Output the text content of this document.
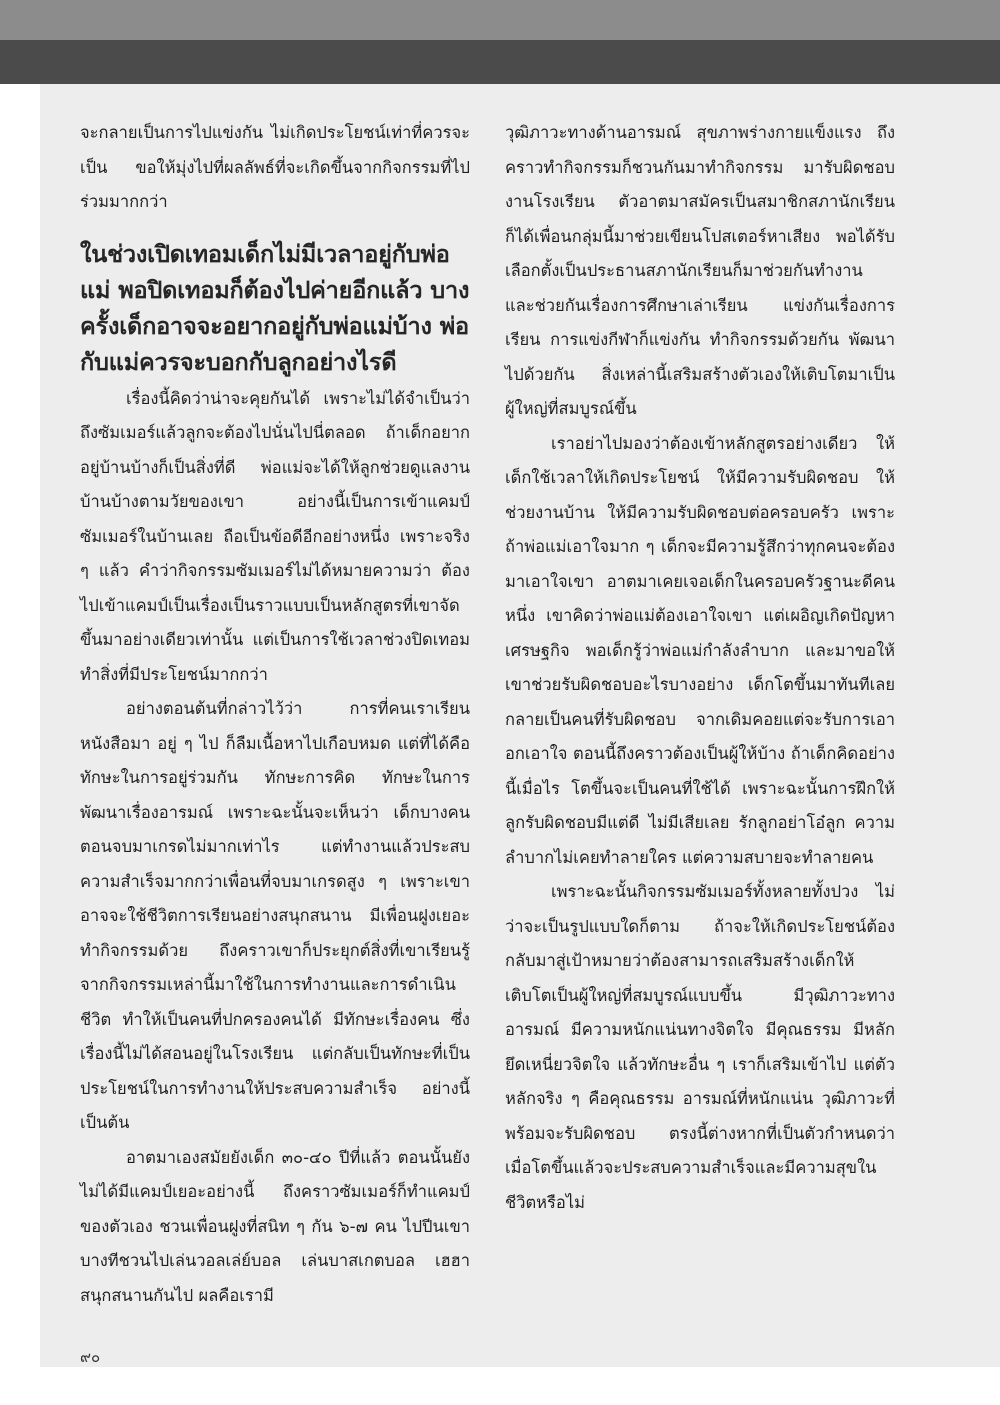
จะกลายเป็นการไปแข่งกัน ไม่เกิดประโยชน์เท่าที่ควรจะเป็น ขอให้มุ่งไปที่ผลลัพธ์ที่จะเกิดขึ้นจากกิจกรรมที่ไปร่วมมากกว่า

ในช่วงเปิดเทอมเด็กไม่มีเวลาอยู่กับพ่อแม่ พอปิดเทอมก็ต้องไปค่ายอีกแล้ว บางครั้งเด็กอาจจะอยากอยู่กับพ่อแม่บ้าง พ่อกับแม่ควรจะบอกกับลูกอย่างไรดี

เรื่องนี้คิดว่าน่าจะคุยกันได้ เพราะไม่ได้จำเป็นว่าถึงซัมเมอร์แล้วลูกจะต้องไปนั่นไปนี่ตลอด ถ้าเด็กอยากอยู่บ้านบ้างก็เป็นสิ่งที่ดี พ่อแม่จะได้ให้ลูกช่วยดูแลงานบ้านบ้างตามวัยของเขา อย่างนี้เป็นการเข้าแคมป์ซัมเมอร์ในบ้านเลย ถือเป็นข้อดีอีกอย่างหนึ่ง เพราะจริง ๆ แล้ว คำว่ากิจกรรมซัมเมอร์ไม่ได้หมายความว่า ต้องไปเข้าแคมป์เป็นเรื่องเป็นราวแบบเป็นหลักสูตรที่เขาจัดขึ้นมาอย่างเดียวเท่านั้น แต่เป็นการใช้เวลาช่วงปิดเทอมทำสิ่งที่มีประโยชน์มากกว่า

อย่างตอนต้นที่กล่าวไว้ว่า การที่คนเราเรียนหนังสือมา อยู่ ๆ ไป ก็ลืมเนื้อหาไปเกือบหมด แต่ที่ได้คือทักษะในการอยู่ร่วมกัน ทักษะการคิด ทักษะในการพัฒนาเรื่องอารมณ์ เพราะฉะนั้นจะเห็นว่า เด็กบางคนตอนจบมาเกรดไม่มากเท่าไร แต่ทำงานแล้วประสบความสำเร็จมากกว่าเพื่อนที่จบมาเกรดสูง ๆ เพราะเขาอาจจะใช้ชีวิตการเรียนอย่างสนุกสนาน มีเพื่อนฝูงเยอะ ทำกิจกรรมด้วย ถึงคราวเขาก็ประยุกต์สิ่งที่เขาเรียนรู้จากกิจกรรมเหล่านี้มาใช้ในการทำงานและการดำเนินชีวิต ทำให้เป็นคนที่ปกครองคนได้ มีทักษะเรื่องคน ซึ่งเรื่องนี้ไม่ได้สอนอยู่ในโรงเรียน แต่กลับเป็นทักษะที่เป็นประโยชน์ในการทำงานให้ประสบความสำเร็จ อย่างนี้เป็นต้น

อาตมาเองสมัยยังเด็ก ๓๐-๔๐ ปีที่แล้ว ตอนนั้นยังไม่ได้มีแคมป์เยอะอย่างนี้ ถึงคราวซัมเมอร์ก็ทำแคมป์ของตัวเอง ชวนเพื่อนฝูงที่สนิท ๆ กัน ๖-๗ คน ไปปีนเขา บางทีชวนไปเล่นวอลเล่ย์บอล เล่นบาสเกตบอล เฮฮาสนุกสนานกันไป ผลคือเรามี

วุฒิภาวะทางด้านอารมณ์ สุขภาพร่างกายแข็งแรง ถึงคราวทำกิจกรรมก็ชวนกันมาทำกิจกรรม มารับผิดชอบงานโรงเรียน ตัวอาตมาสมัครเป็นสมาชิกสภานักเรียน ก็ได้เพื่อนกลุ่มนี้มาช่วยเขียนโปสเตอร์หาเสียง พอได้รับเลือกตั้งเป็นประธานสภานักเรียนก็มาช่วยกันทำงาน และช่วยกันเรื่องการศึกษาเล่าเรียน แข่งกันเรื่องการเรียน การแข่งกีฬาก็แข่งกัน ทำกิจกรรมด้วยกัน พัฒนาไปด้วยกัน สิ่งเหล่านี้เสริมสร้างตัวเองให้เติบโตมาเป็นผู้ใหญ่ที่สมบูรณ์ขึ้น

เราอย่าไปมองว่าต้องเข้าหลักสูตรอย่างเดียว ให้เด็กใช้เวลาให้เกิดประโยชน์ ให้มีความรับผิดชอบ ให้ช่วยงานบ้าน ให้มีความรับผิดชอบต่อครอบครัว เพราะถ้าพ่อแม่เอาใจมาก ๆ เด็กจะมีความรู้สึกว่าทุกคนจะต้องมาเอาใจเขา อาตมาเคยเจอเด็กในครอบครัวฐานะดีคนหนึ่ง เขาคิดว่าพ่อแม่ต้องเอาใจเขา แต่เผอิญเกิดปัญหาเศรษฐกิจ พอเด็กรู้ว่าพ่อแม่กำลังลำบาก และมาขอให้เขาช่วยรับผิดชอบอะไรบางอย่าง เด็กโตขึ้นมาทันทีเลย กลายเป็นคนที่รับผิดชอบ จากเดิมคอยแต่จะรับการเอาอกเอาใจ ตอนนี้ถึงคราวต้องเป็นผู้ให้บ้าง ถ้าเด็กคิดอย่างนี้เมื่อไร โตขึ้นจะเป็นคนที่ใช้ได้ เพราะฉะนั้นการฝึกให้ลูกรับผิดชอบมีแต่ดี ไม่มีเสียเลย รักลูกอย่าโอ๋ลูก ความลำบากไม่เคยทำลายใคร แต่ความสบายจะทำลายคน

เพราะฉะนั้นกิจกรรมซัมเมอร์ทั้งหลายทั้งปวง ไม่ว่าจะเป็นรูปแบบใดก็ตาม ถ้าจะให้เกิดประโยชน์ต้องกลับมาสู่เป้าหมายว่าต้องสามารถเสริมสร้างเด็กให้เติบโตเป็นผู้ใหญ่ที่สมบูรณ์แบบขึ้น มีวุฒิภาวะทางอารมณ์ มีความหนักแน่นทางจิตใจ มีคุณธรรม มีหลักยึดเหนี่ยวจิตใจ แล้วทักษะอื่น ๆ เราก็เสริมเข้าไป แต่ตัวหลักจริง ๆ คือคุณธรรม อารมณ์ที่หนักแน่น วุฒิภาวะที่พร้อมจะรับผิดชอบ ตรงนี้ต่างหากที่เป็นตัวกำหนดว่า เมื่อโตขึ้นแล้วจะประสบความสำเร็จและมีความสุขในชีวิตหรือไม่

๙๐
